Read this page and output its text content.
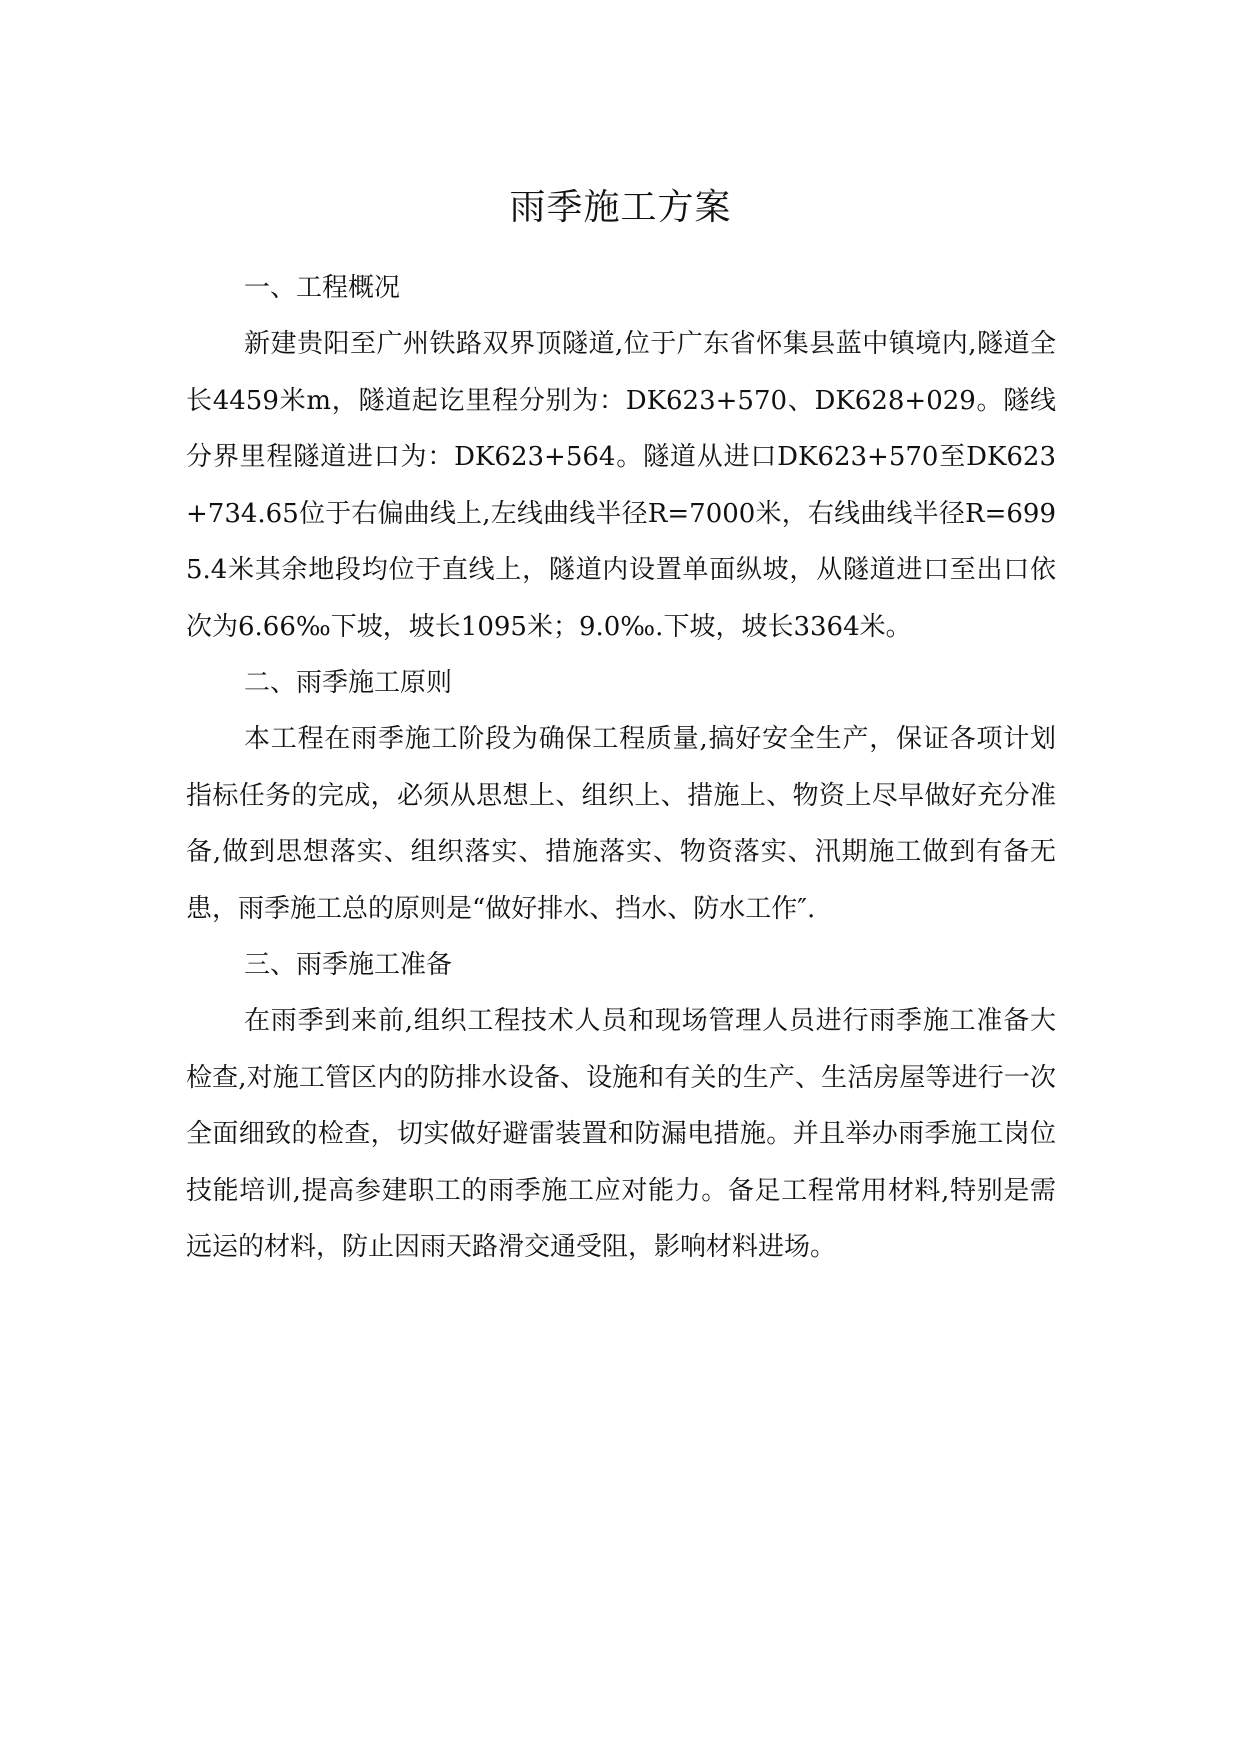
雨季施工方案
一、工程概况

新建贵阳至广州铁路双界顶隧道,位于广东省怀集县蓝中镇境内,隧道全长4459米m，隧道起讫里程分别为：DK623+570、DK628+029。隧线分界里程隧道进口为：DK623+564。隧道从进口DK623+570至DK623+734.65位于右偏曲线上,左线曲线半径R=7000米，右线曲线半径R=6995.4米其余地段均位于直线上，隧道内设置单面纵坡，从隧道进口至出口依次为6.66‰下坡，坡长1095米；9.0‰.下坡，坡长3364米。

二、雨季施工原则

本工程在雨季施工阶段为确保工程质量,搞好安全生产，保证各项计划指标任务的完成，必须从思想上、组织上、措施上、物资上尽早做好充分准备,做到思想落实、组织落实、措施落实、物资落实、汛期施工做到有备无患，雨季施工总的原则是“做好排水、挡水、防水工作″.

三、雨季施工准备

在雨季到来前,组织工程技术人员和现场管理人员进行雨季施工准备大检查,对施工管区内的防排水设备、设施和有关的生产、生活房屋等进行一次全面细致的检查，切实做好避雷装置和防漏电措施。并且举办雨季施工岗位技能培训,提高参建职工的雨季施工应对能力。备足工程常用材料,特别是需远运的材料，防止因雨天路滑交通受阻，影响材料进场。
